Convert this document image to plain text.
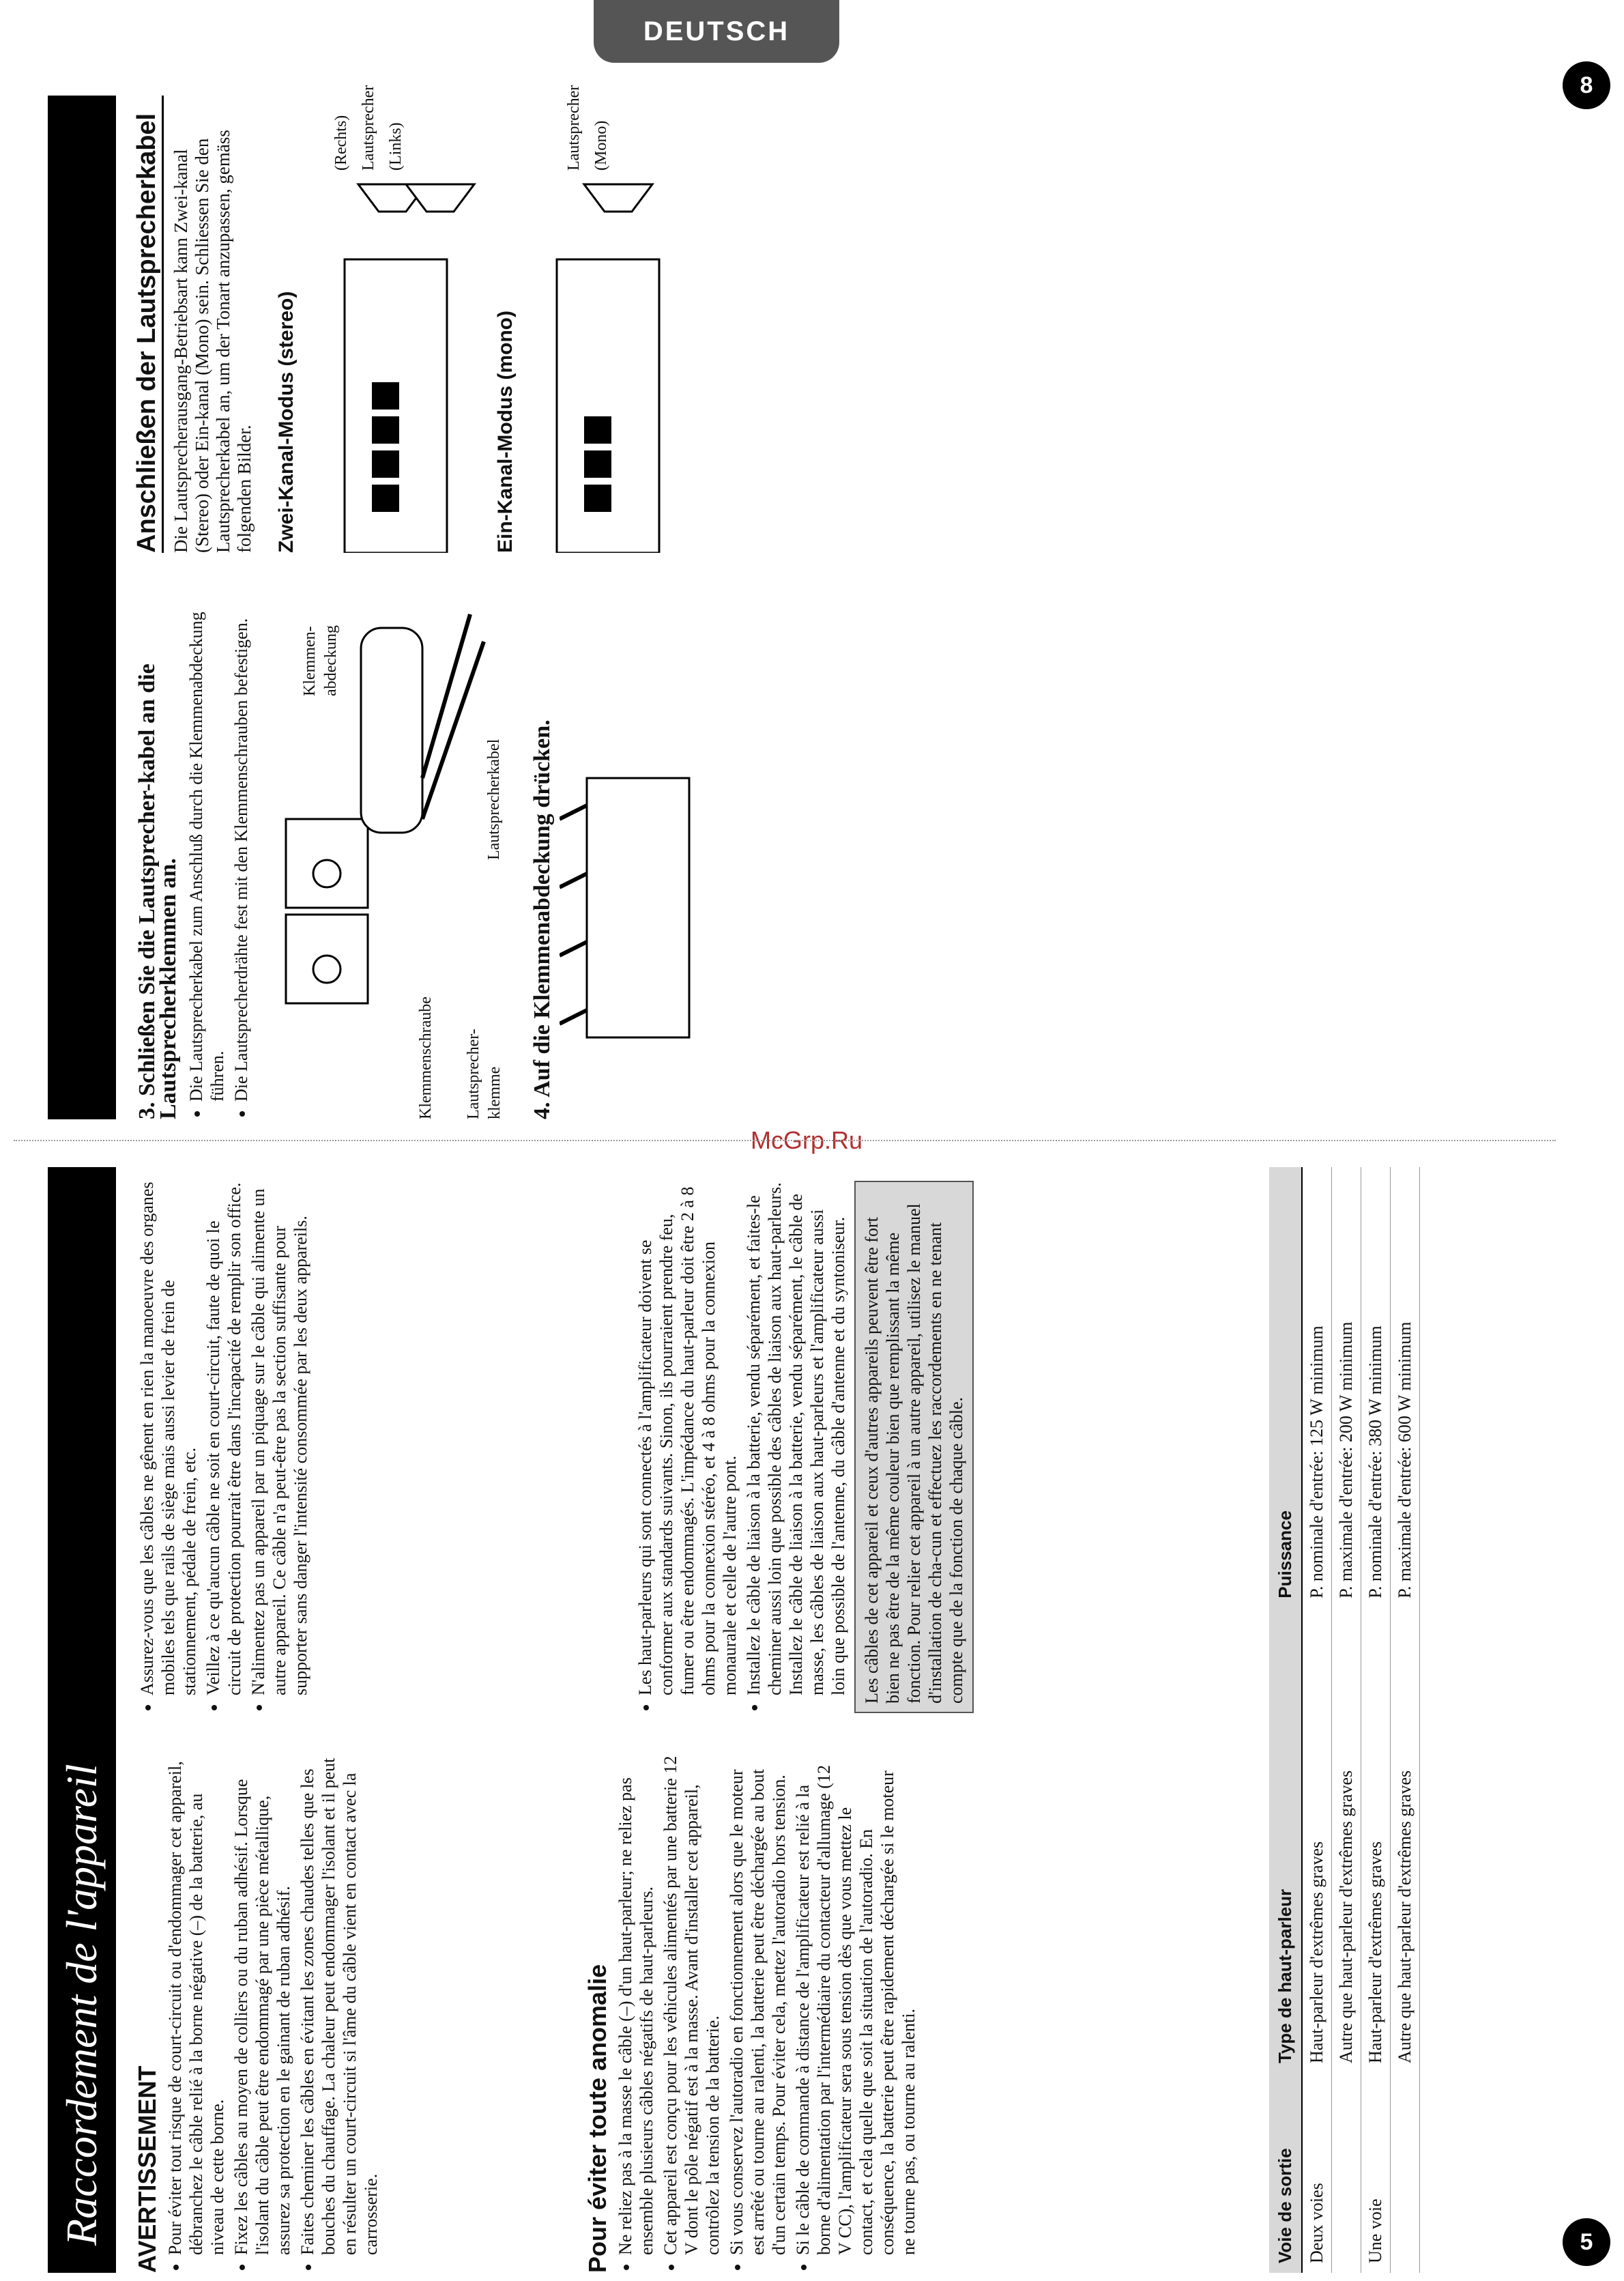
DEUTSCH
8
5
McGrp.Ru
Raccordement de l'appareil	AVERTISSEMENT • Pour éviter tout risque de court-circuit ou d'endommager cet appareil, débranchez le câble relié à la borne négative (–) de la batterie, au niveau de cette borne. • Fixez les câbles au moyen de colliers ou du ruban adhésif. Lorsque l'isolant du câble peut être endommagé par une pièce métallique, assurez sa protection en le gainant de ruban adhésif. • Faites cheminer les câbles en évitant les zones chaudes telles que les bouches du chauffage. La chaleur peut endommager l'isolant et il peut en résulter un court-circuit si l'âme du câble vient en contact avec la carrosserie.
• Assurez-vous que les câbles ne gênent en rien la manoeuvre des organes mobiles tels que rails de siège mais aussi levier de frein de stationnement, pédale de frein, etc. • Veillez à ce qu'aucun câble ne soit en court-circuit, faute de quoi le circuit de protection pourrait être dans l'incapacité de remplir son office. • N'alimentez pas un appareil par un piquage sur le câble qui alimente un autre appareil. Ce câble n'a peut-être pas la section suffisante pour supporter sans danger l'intensité consommée par les deux appareils.
Pour éviter toute anomalie • Ne reliez pas à la masse le câble (–) d'un haut-parleur; ne reliez pas ensemble plusieurs câbles négatifs de haut-parleurs. • Cet appareil est conçu pour les véhicules alimentés par une batterie 12 V dont le pôle négatif est à la masse. Avant d'installer cet appareil, contrôlez la tension de la batterie. • Si vous conservez l'autoradio en fonctionnement alors que le moteur est arrêté ou tourne au ralenti, la batterie peut être déchargée au bout d'un certain temps. Pour éviter cela, mettez l'autoradio hors tension. • Si le câble de commande à distance de l'amplificateur est relié à la borne d'alimentation par l'intermédiaire du contacteur d'allumage (12 V CC), l'amplificateur sera sous tension dès que vous mettez le contact, et cela quelle que soit la situation de l'autoradio. En conséquence, la batterie peut être rapidement déchargée si le moteur ne tourne pas, ou tourne au ralenti.
• Les haut-parleurs qui sont connectés à l'amplificateur doivent se conformer aux standards suivants. Sinon, ils pourraient prendre feu, fumer ou être endommagés. L'impédance du haut-parleur doit être 2 à 8 ohms pour la connexion stéréo, et 4 à 8 ohms pour la connexion monaurale et celle de l'autre pont. • Installez le câble de liaison à la batterie, vendu séparément, et faites-le cheminer aussi loin que possible des câbles de liaison aux haut-parleurs. Installez le câble de liaison à la batterie, vendu séparément, le câble de masse, les câbles de liaison aux haut-parleurs et l'amplificateur aussi loin que possible de l'antenne, du câble d'antenne et du syntoniseur. Les câbles de cet appareil et ceux d'autres appareils peuvent être fort bien ne pas être de la même couleur bien que remplissant la même fonction. Pour relier cet appareil à un autre appareil, utilisez le manuel d'installation de cha-cun et effectuez les raccordements en ne tenant compte que de la fonction de chaque câble.
Voie de sortie	Type de haut-parleur	Puissance
Deux voies	Haut-parleur d'extrêmes graves	P. nominale d'entrée: 125 W minimum
	Autre que haut-parleur d'extrêmes graves	P. maximale d'entrée: 200 W minimum
Une voie	Haut-parleur d'extrêmes graves	P. nominale d'entrée: 380 W minimum
	Autre que haut-parleur d'extrêmes graves	P. maximale d'entrée: 600 W minimum
3. Schließen Sie die Lautsprecher-kabel an die Lautsprecherklemmen an. • Die Lautsprecherkabel zum Anschluß durch die Klemmenabdeckung führen. • Die Lautsprecherdrähte fest mit den Klemmenschrauben befestigen.	Klemmenschraube Lautsprecher-klemme
Lautsprecherkabel
Klemmen-abdeckung
4. Auf die Klemmenabdeckung drücken.
Anschließen der Lautsprecherkabel Die Lautsprecherausgang-Betriebsart kann Zwei-kanal (Stereo) oder Ein-kanal (Mono) sein. Schliessen Sie den Lautsprecherkabel an, um der Tonart anzupassen, gemäss folgenden Bilder. Zwei-Kanal-Modus (stereo)
(Rechts) Lautsprecher (Links)
Ein-Kanal-Modus (mono)
Lautsprecher (Mono)
